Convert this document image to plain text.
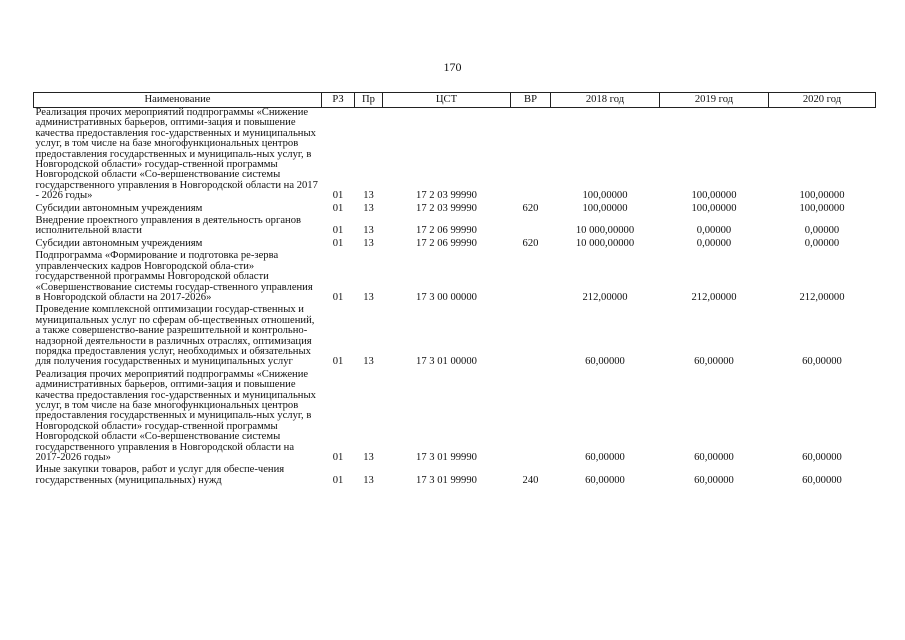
170
Наименование	РЗ	Пр	ЦСТ	ВР	2018 год	2019 год	2020 год
Реализация прочих мероприятий подпрограммы «Снижение административных барьеров, оптими-зация и повышение качества предоставления гос-ударственных и муниципальных услуг, в том числе на базе многофункциональных центров предоставления государственных и муниципаль-ных услуг, в Новгородской области» государ-ственной программы Новгородской области «Со-вершенствование системы государственного управления в Новгородской области на 2017 - 2026 годы»	01	13	17 2 03 99990		100,00000	100,00000	100,00000
Субсидии автономным учреждениям	01	13	17 2 03 99990	620	100,00000	100,00000	100,00000
Внедрение проектного управления в деятельность органов исполнительной власти	01	13	17 2 06 99990		10 000,00000	0,00000	0,00000
Субсидии автономным учреждениям	01	13	17 2 06 99990	620	10 000,00000	0,00000	0,00000
Подпрограмма «Формирование и подготовка ре-зерва управленческих кадров Новгородской обла-сти» государственной программы Новгородской области «Совершенствование системы государ-ственного управления в Новгородской области на 2017-2026»	01	13	17 3 00 00000		212,00000	212,00000	212,00000
Проведение комплексной оптимизации государ-ственных и муниципальных услуг по сферам об-щественных отношений, а также совершенство-вание разрешительной и контрольно-надзорной деятельности в различных отраслях, оптимизация порядка предоставления услуг, необходимых и обязательных для получения государственных и муниципальных услуг	01	13	17 3 01 00000		60,00000	60,00000	60,00000
Реализация прочих мероприятий подпрограммы «Снижение административных барьеров, оптими-зация и повышение качества предоставления гос-ударственных и муниципальных услуг, в том числе на базе многофункциональных центров предоставления государственных и муниципаль-ных услуг, в Новгородской области» государ-ственной программы Новгородской области «Со-вершенствование системы государственного управления в Новгородской области на 2017-2026 годы»	01	13	17 3 01 99990		60,00000	60,00000	60,00000
Иные закупки товаров, работ и услуг для обеспе-чения государственных (муниципальных) нужд	01	13	17 3 01 99990	240	60,00000	60,00000	60,00000
